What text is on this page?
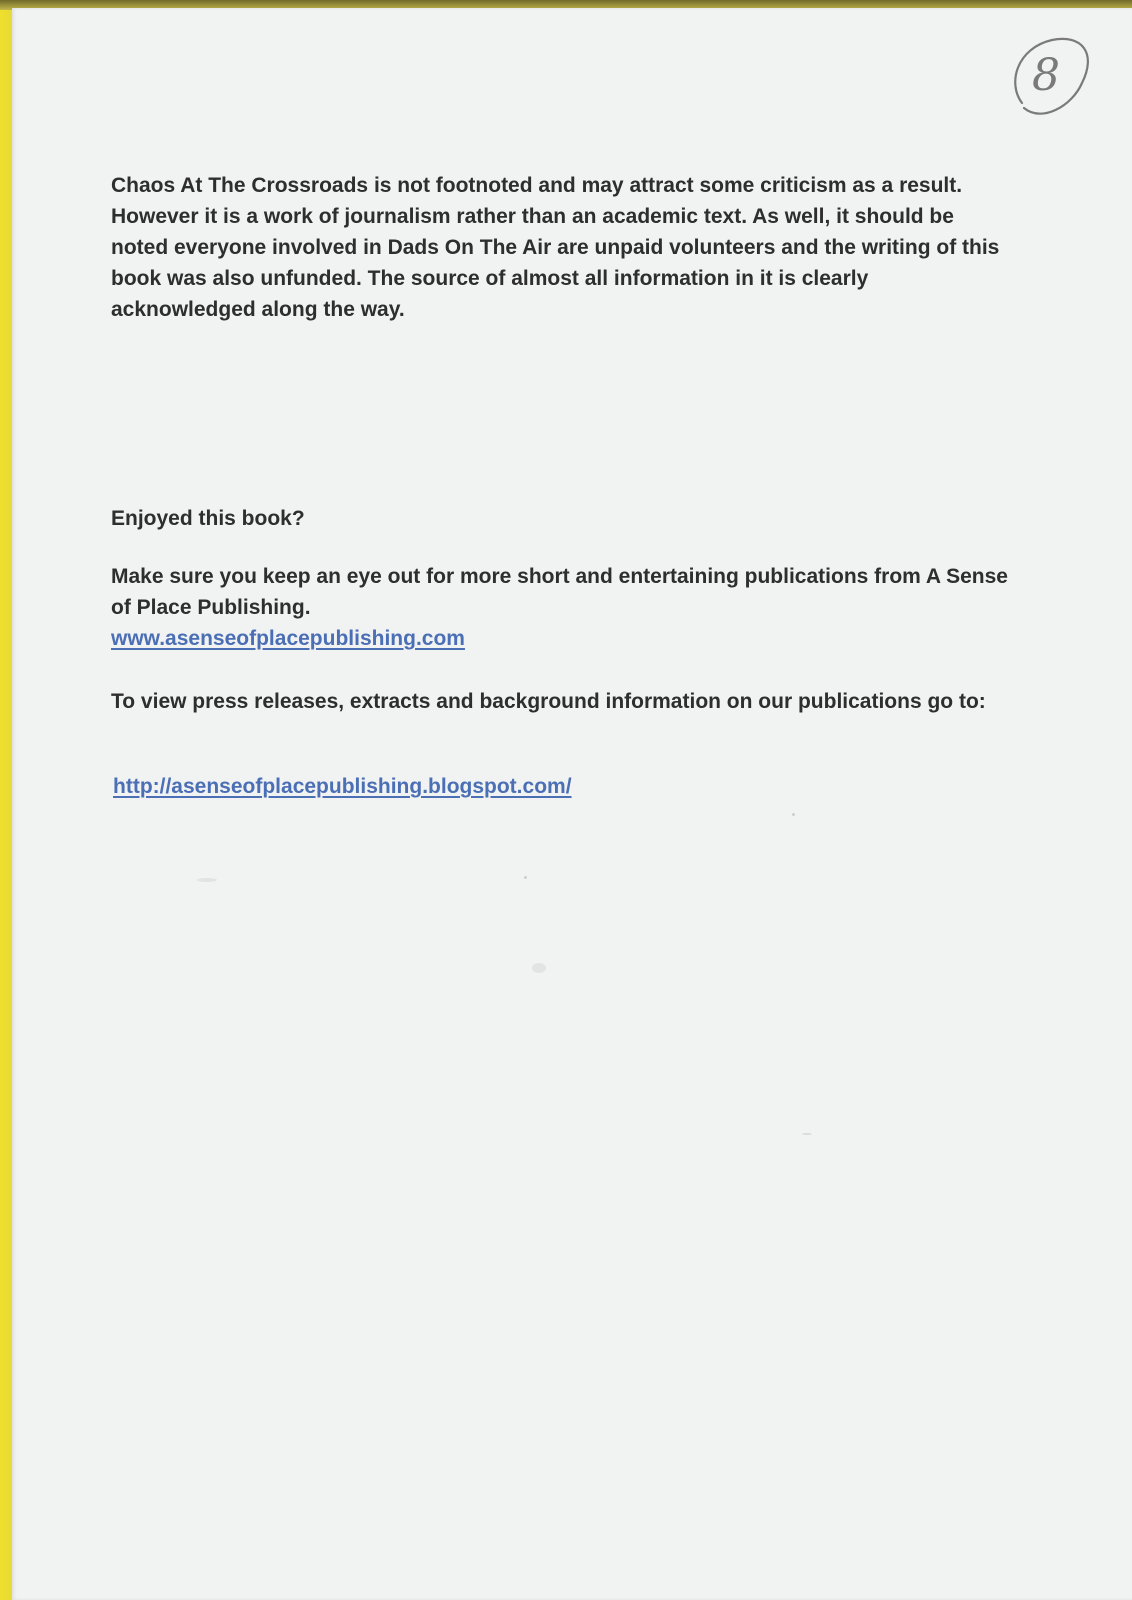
8

Chaos At The Crossroads is not footnoted and may attract some criticism as a result. However it is a work of journalism rather than an academic text. As well, it should be noted everyone involved in Dads On The Air are unpaid volunteers and the writing of this book was also unfunded. The source of almost all information in it is clearly acknowledged along the way.

Enjoyed this book?

Make sure you keep an eye out for more short and entertaining publications from A Sense of Place Publishing.
www.asenseofplacepublishing.com

To view press releases, extracts and background information on our publications go to:

http://asenseofplacepublishing.blogspot.com/
